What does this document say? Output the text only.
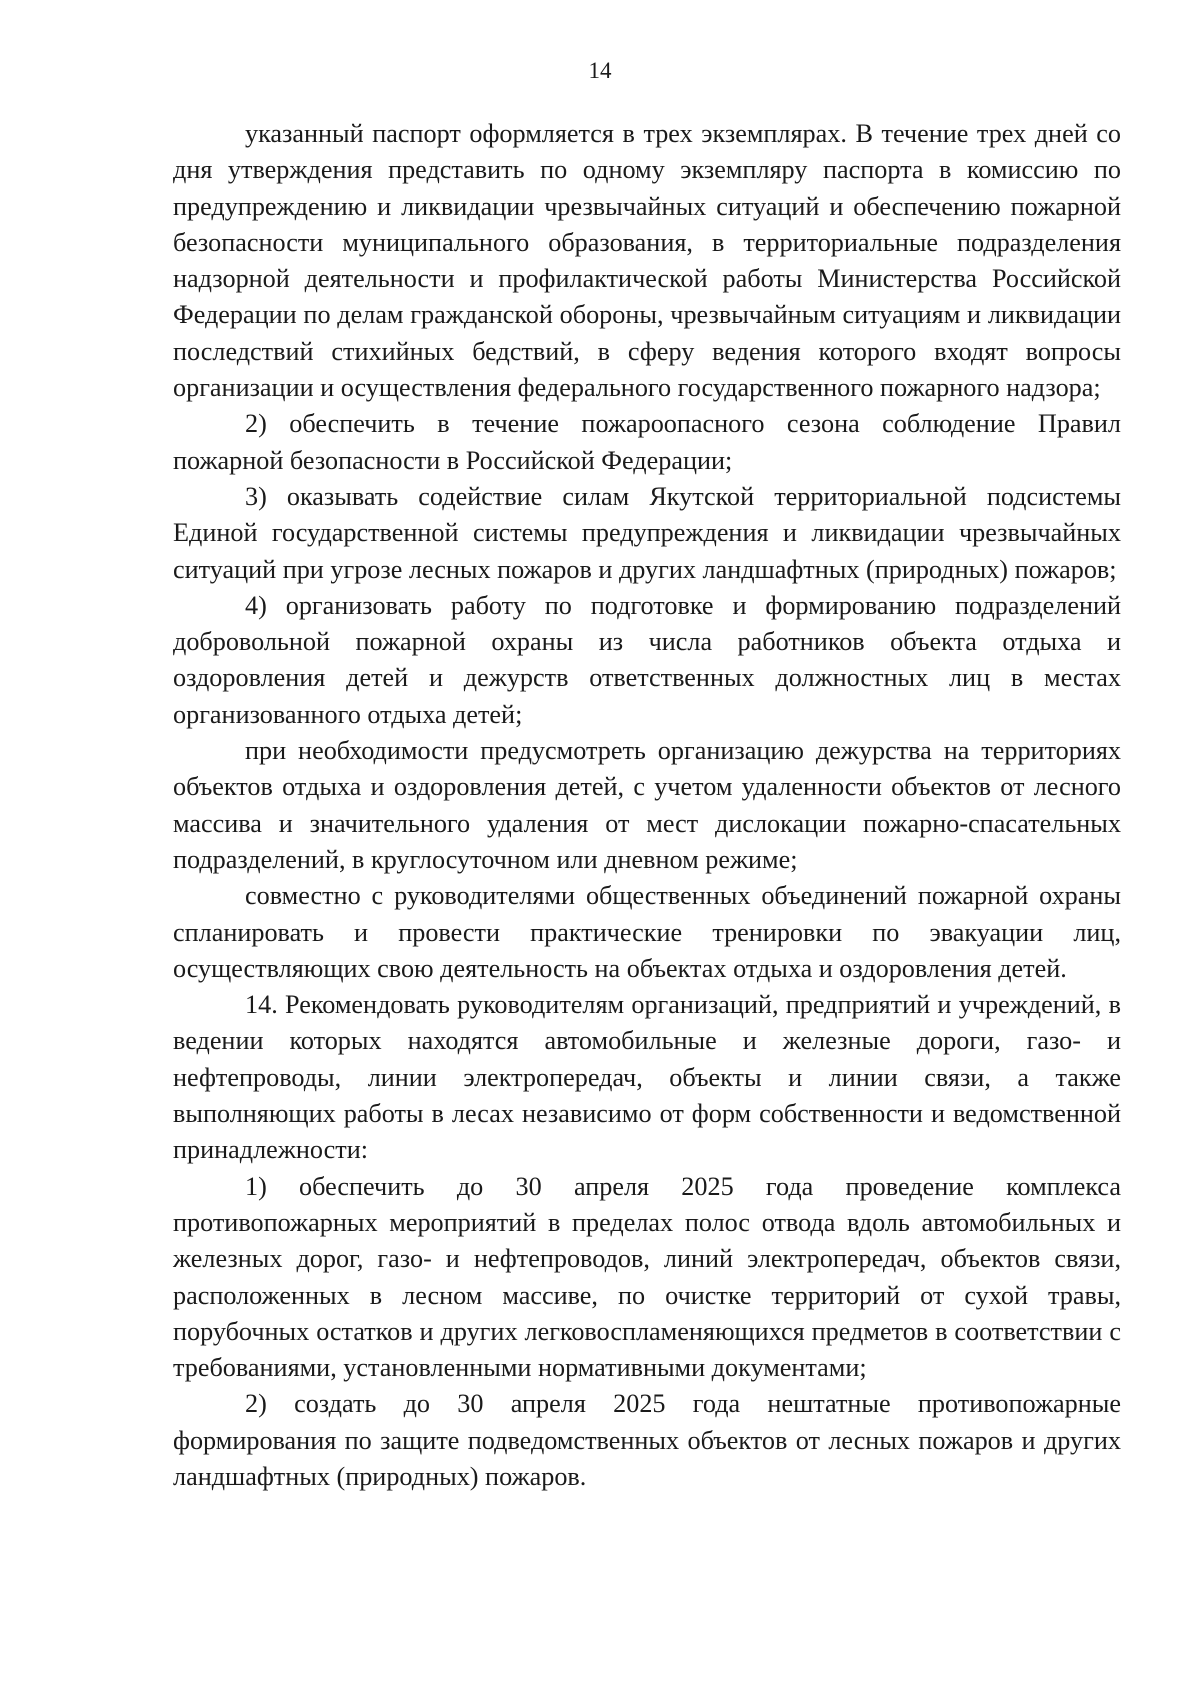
14

указанный паспорт оформляется в трех экземплярах. В течение трех дней со дня утверждения представить по одному экземпляру паспорта в комиссию по предупреждению и ликвидации чрезвычайных ситуаций и обеспечению пожарной безопасности муниципального образования, в территориальные подразделения надзорной деятельности и профилактической работы Министерства Российской Федерации по делам гражданской обороны, чрезвычайным ситуациям и ликвидации последствий стихийных бедствий, в сферу ведения которого входят вопросы организации и осуществления федерального государственного пожарного надзора;

2) обеспечить в течение пожароопасного сезона соблюдение Правил пожарной безопасности в Российской Федерации;

3) оказывать содействие силам Якутской территориальной подсистемы Единой государственной системы предупреждения и ликвидации чрезвычайных ситуаций при угрозе лесных пожаров и других ландшафтных (природных) пожаров;

4) организовать работу по подготовке и формированию подразделений добровольной пожарной охраны из числа работников объекта отдыха и оздоровления детей и дежурств ответственных должностных лиц в местах организованного отдыха детей;

при необходимости предусмотреть организацию дежурства на территориях объектов отдыха и оздоровления детей, с учетом удаленности объектов от лесного массива и значительного удаления от мест дислокации пожарно-спасательных подразделений, в круглосуточном или дневном режиме;

совместно с руководителями общественных объединений пожарной охраны спланировать и провести практические тренировки по эвакуации лиц, осуществляющих свою деятельность на объектах отдыха и оздоровления детей.

14. Рекомендовать руководителям организаций, предприятий и учреждений, в ведении которых находятся автомобильные и железные дороги, газо- и нефтепроводы, линии электропередач, объекты и линии связи, а также выполняющих работы в лесах независимо от форм собственности и ведомственной принадлежности:

1) обеспечить до 30 апреля 2025 года проведение комплекса противопожарных мероприятий в пределах полос отвода вдоль автомобильных и железных дорог, газо- и нефтепроводов, линий электропередач, объектов связи, расположенных в лесном массиве, по очистке территорий от сухой травы, порубочных остатков и других легковоспламеняющихся предметов в соответствии с требованиями, установленными нормативными документами;

2) создать до 30 апреля 2025 года нештатные противопожарные формирования по защите подведомственных объектов от лесных пожаров и других ландшафтных (природных) пожаров.
